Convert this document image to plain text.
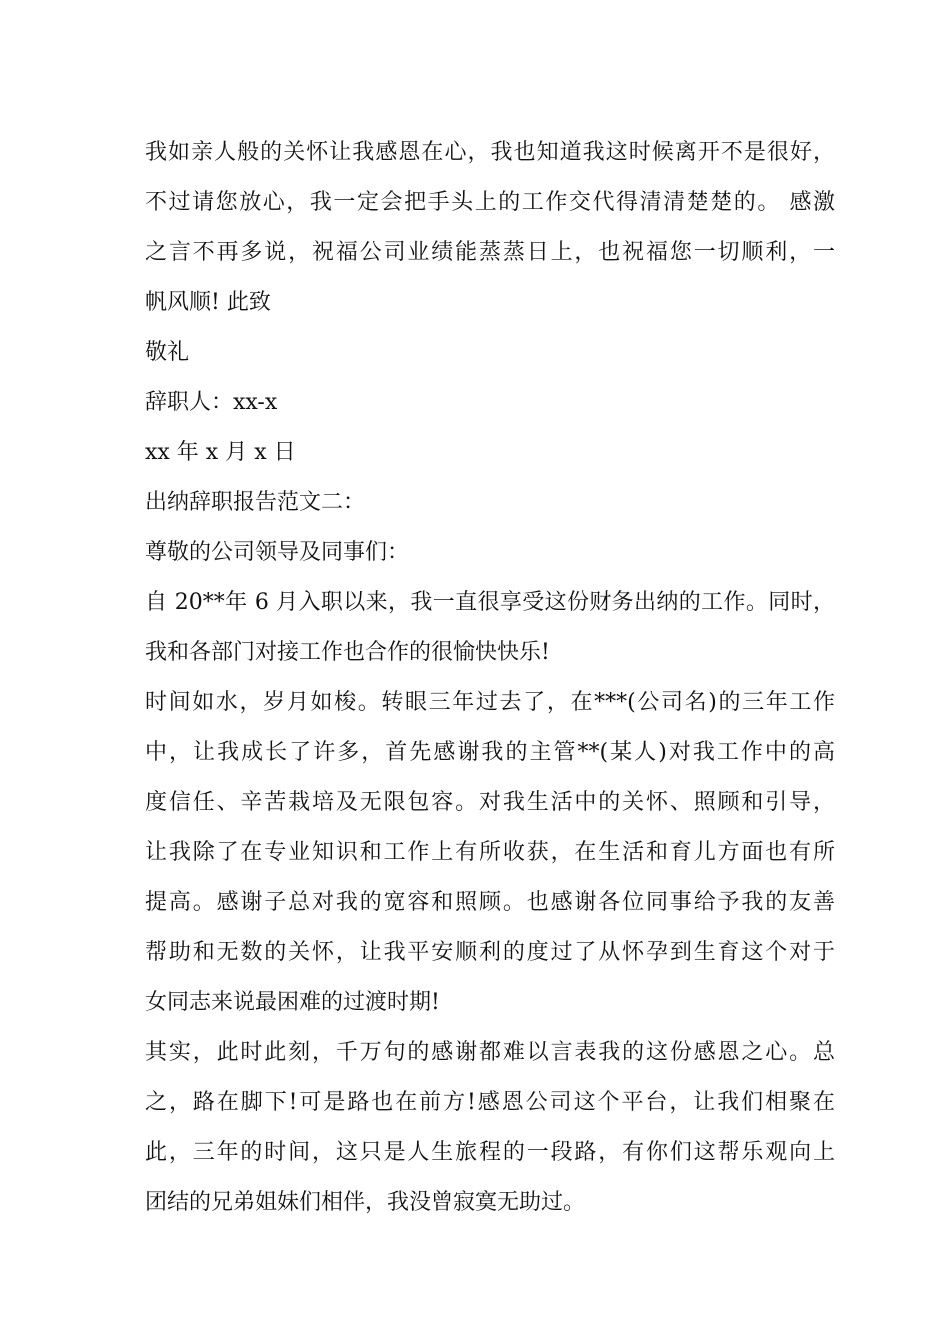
我如亲人般的关怀让我感恩在心，我也知道我这时候离开不是很好，
不过请您放心，我一定会把手头上的工作交代得清清楚楚的。 感激
之言不再多说，祝福公司业绩能蒸蒸日上，也祝福您一切顺利，一
帆风顺! 此致
敬礼
辞职人：xx-x
xx 年 x 月 x 日
出纳辞职报告范文二：
尊敬的公司领导及同事们：
自 20**年 6 月入职以来，我一直很享受这份财务出纳的工作。同时，
我和各部门对接工作也合作的很愉快快乐!
时间如水，岁月如梭。转眼三年过去了，在***(公司名)的三年工作
中，让我成长了许多，首先感谢我的主管**(某人)对我工作中的高
度信任、辛苦栽培及无限包容。对我生活中的关怀、照顾和引导，
让我除了在专业知识和工作上有所收获，在生活和育儿方面也有所
提高。感谢子总对我的宽容和照顾。也感谢各位同事给予我的友善
帮助和无数的关怀，让我平安顺利的度过了从怀孕到生育这个对于
女同志来说最困难的过渡时期!
其实，此时此刻，千万句的感谢都难以言表我的这份感恩之心。总
之，路在脚下!可是路也在前方!感恩公司这个平台，让我们相聚在
此，三年的时间，这只是人生旅程的一段路，有你们这帮乐观向上
团结的兄弟姐妹们相伴，我没曾寂寞无助过。
